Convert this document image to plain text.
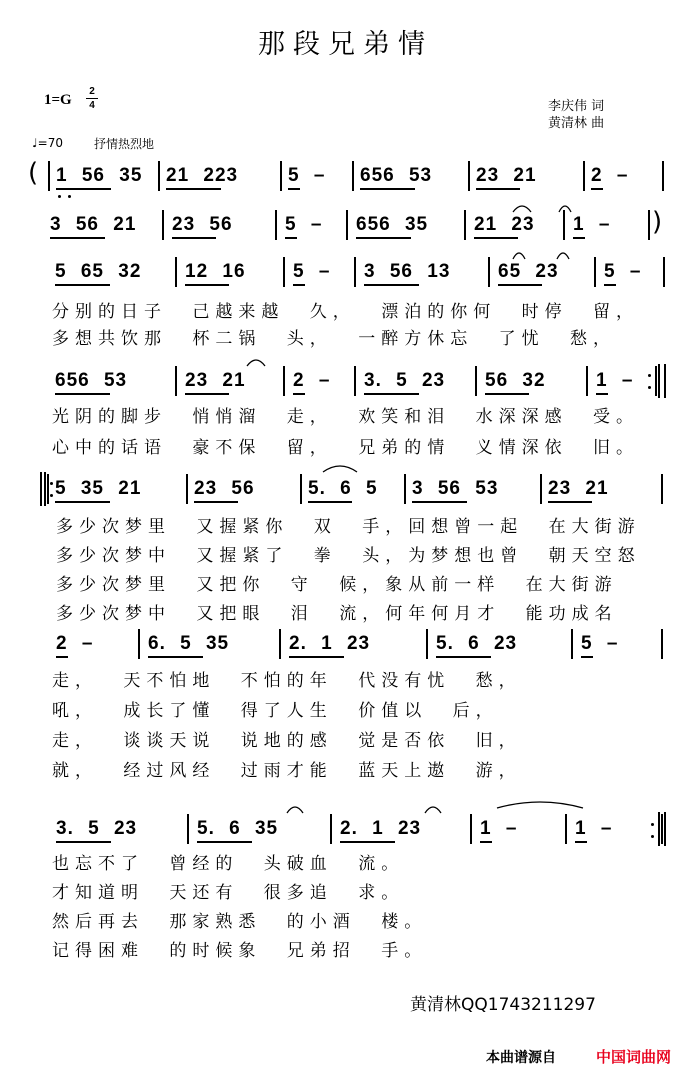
那段兄弟情
1=G
2
4	李庆伟 词
黄清林 曲
♩=70	抒情热烈地
1 56 35	21 223	5 –	656 53	23 21	2 –
3 56 21	23 56	5 –	656 35	21 23	1 –
5 65 32	12 16	5 –	3 56 13	65 23	5 –
分别的日子 己越来越 久， 漂泊的你何 时停 留，
多想共饮那 杯二锅 头， 一醉方休忘 了忧 愁，
656 53	23 21	2 –	3. 5 23	56 32	1 –
光阴的脚步 悄悄溜 走， 欢笑和泪 水深深感 受。
心中的话语 豪不保 留， 兄弟的情 义情深依 旧。
5 35 21	23 56	5. 6 5	3 56 53	23 21
多少次梦里 又握紧你 双 手，回想曾一起 在大街游
多少次梦中 又握紧了 拳 头，为梦想也曾 朝天空怒
多少次梦里 又把你 守 候，象从前一样 在大街游
多少次梦中 又把眼 泪 流，何年何月才 能功成名
2 –	6. 5 35	2. 1 23	5. 6 23	5 –
走， 天不怕地 不怕的年 代没有忧 愁，
吼， 成长了懂 得了人生 价值以 后，
走， 谈谈天说 说地的感 觉是否依 旧，
就， 经过风经 过雨才能 蓝天上遨 游，
3. 5 23	5. 6 35	2. 1 23	1 –	1 –
也忘不了 曾经的 头破血 流。
才知道明 天还有 很多追 求。
然后再去 那家熟悉 的小酒 楼。
记得困难 的时候象 兄弟招 手。
(
)
黄清林QQ1743211297
本曲谱源自	中国词曲网
